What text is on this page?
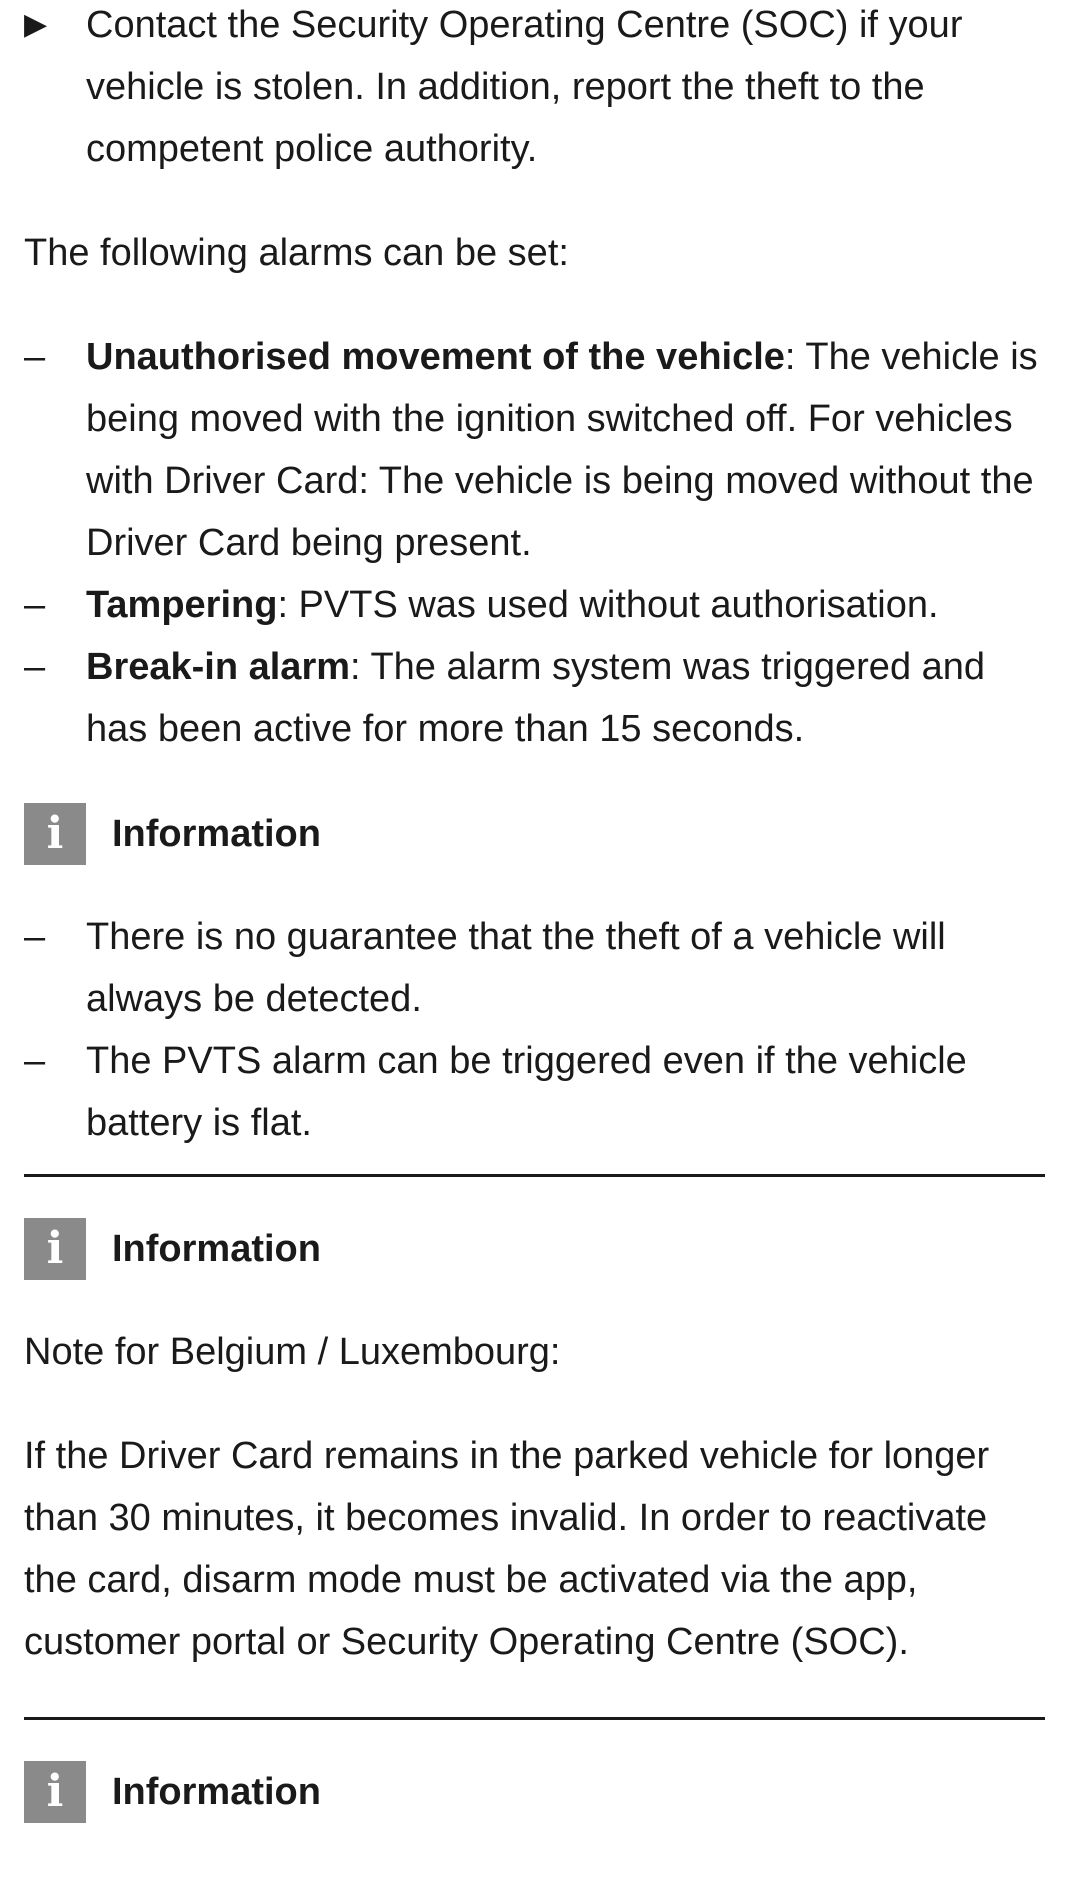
▶	Contact the Security Operating Centre (SOC) if your vehicle is stolen. In addition, report the theft to the competent police authority.

The following alarms can be set:

–	Unauthorised movement of the vehicle: The vehicle is being moved with the ignition switched off. For vehicles with Driver Card: The vehicle is being moved without the Driver Card being present.
–	Tampering: PVTS was used without authorisation.
–	Break-in alarm: The alarm system was triggered and has been active for more than 15 seconds.
i	Information
–	There is no guarantee that the theft of a vehicle will always be detected.
–	The PVTS alarm can be triggered even if the vehicle battery is flat.
i	Information

Note for Belgium / Luxembourg:

If the Driver Card remains in the parked vehicle for longer than 30 minutes, it becomes invalid. In order to reactivate the card, disarm mode must be activated via the app, customer portal or Security Operating Centre (SOC).

i	Information
